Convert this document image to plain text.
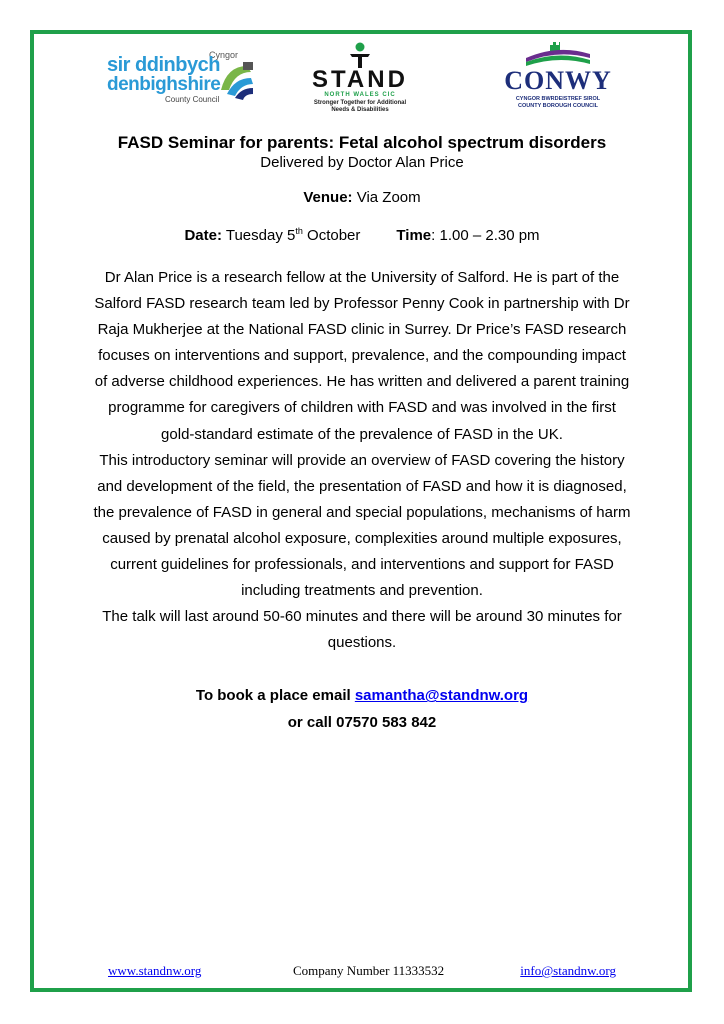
Cyngor
sir ddinbych
denbighshire
County Council
STAND
NORTH WALES CIC
Stronger Together for Additional Needs & Disabilities
CONWY
CYNGOR BWRDEISTREF SIROL
COUNTY BOROUGH COUNCIL
FASD Seminar for parents: Fetal alcohol spectrum disorders

Delivered by Doctor Alan Price

Venue: Via Zoom
Date: Tuesday 5th October Time: 1.00 – 2.30 pm

Dr Alan Price is a research fellow at the University of Salford. He is part of the Salford FASD research team led by Professor Penny Cook in partnership with Dr Raja Mukherjee at the National FASD clinic in Surrey. Dr Price’s FASD research focuses on interventions and support, prevalence, and the compounding impact of adverse childhood experiences. He has written and delivered a parent training programme for caregivers of children with FASD and was involved in the first gold-standard estimate of the prevalence of FASD in the UK.

This introductory seminar will provide an overview of FASD covering the history and development of the field, the presentation of FASD and how it is diagnosed, the prevalence of FASD in general and special populations, mechanisms of harm caused by prenatal alcohol exposure, complexities around multiple exposures, current guidelines for professionals, and interventions and support for FASD including treatments and prevention.

The talk will last around 50-60 minutes and there will be around 30 minutes for questions.

To book a place email samantha@standnw.org
or call 07570 583 842
www.standnw.org	Company Number 11333532	info@standnw.org
